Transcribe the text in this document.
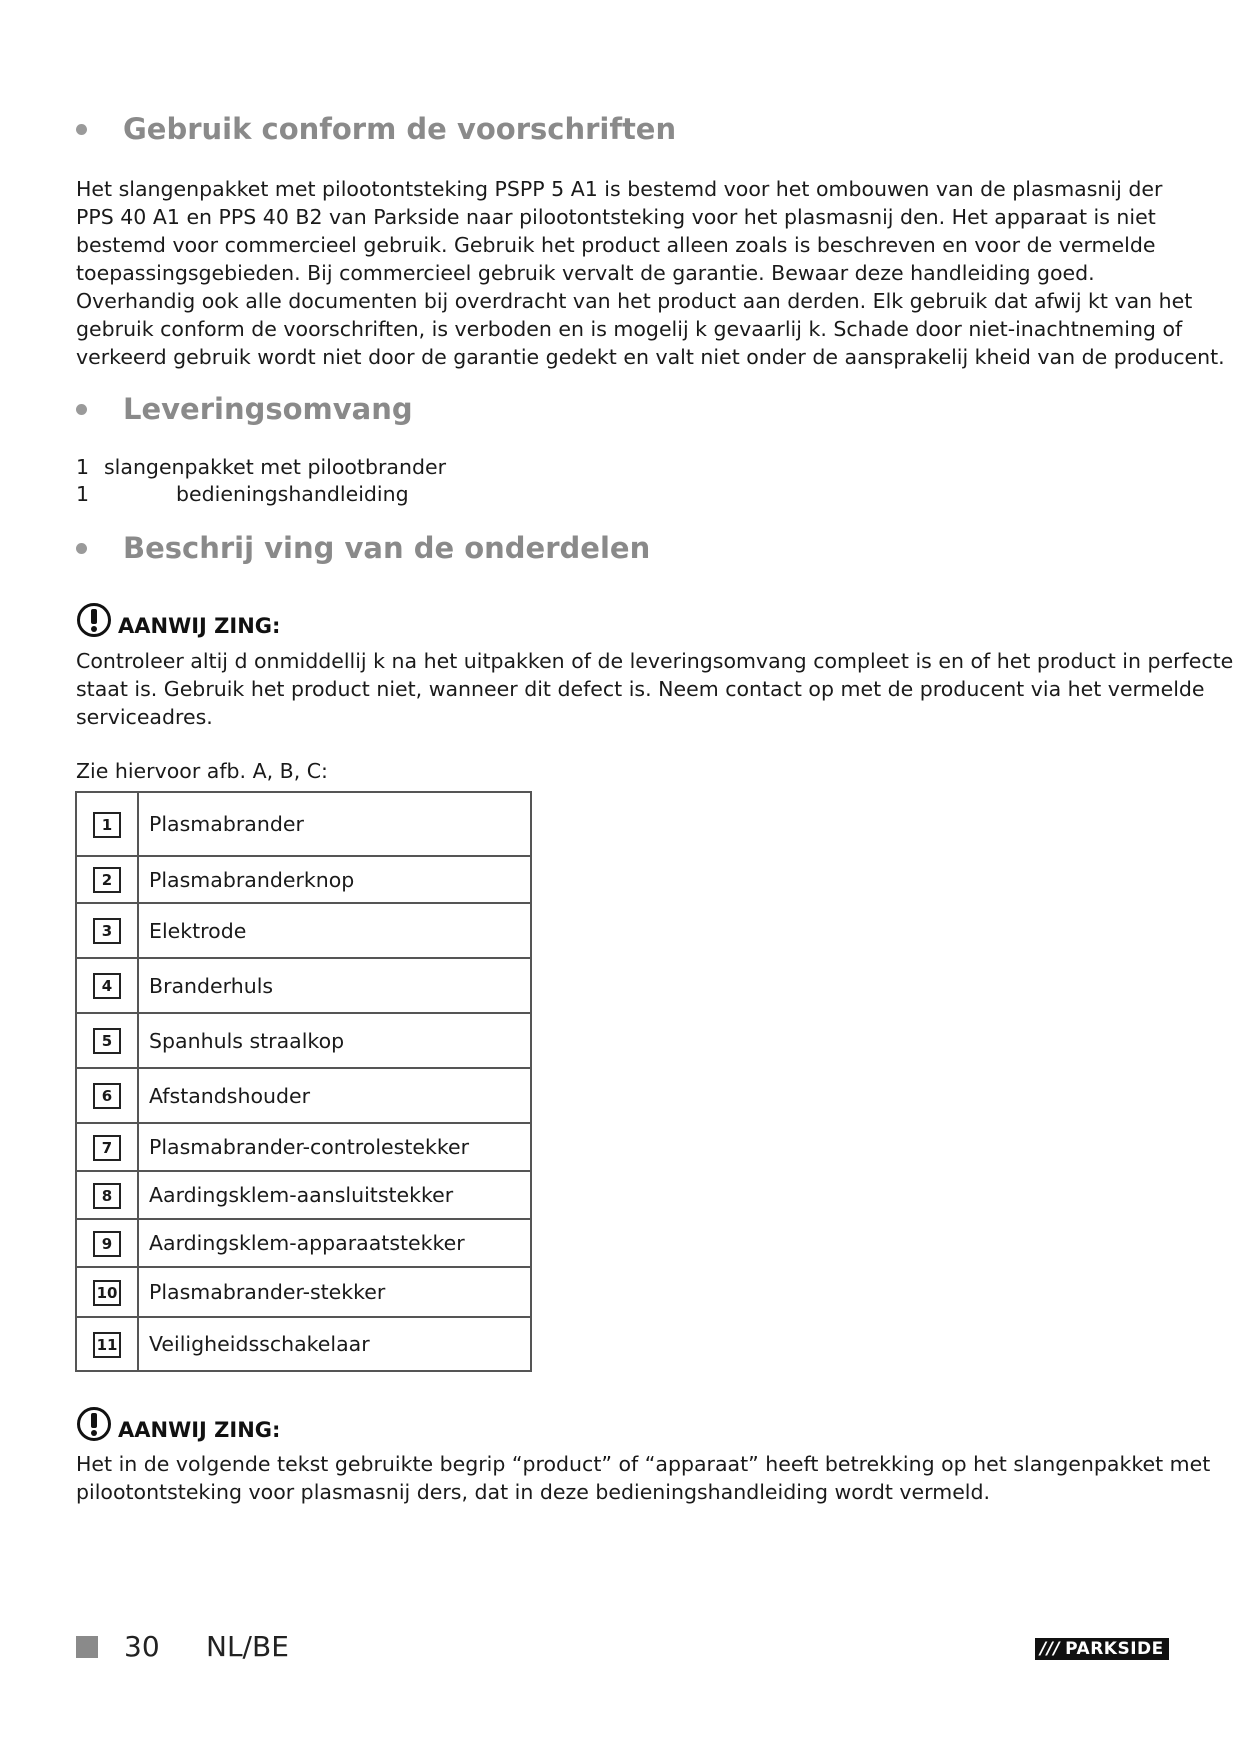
Gebruik conform de voorschriften
Het slangenpakket met pilootontsteking PSPP 5 A1 is bestemd voor het ombouwen van de plasmasnij der
PPS 40 A1 en PPS 40 B2 van Parkside naar pilootontsteking voor het plasmasnij den. Het apparaat is niet
bestemd voor commercieel gebruik. Gebruik het product alleen zoals is beschreven en voor de vermelde
toepassingsgebieden. Bij commercieel gebruik vervalt de garantie. Bewaar deze handleiding goed.
Overhandig ook alle documenten bij overdracht van het product aan derden. Elk gebruik dat afwij kt van het
gebruik conform de voorschriften, is verboden en is mogelij k gevaarlij k. Schade door niet-inachtneming of
verkeerd gebruik wordt niet door de garantie gedekt en valt niet onder de aansprakelij kheid van de producent.
Leveringsomvang
1 slangenpakket met pilootbrander
1	bedieningshandleiding
Beschrij ving van de onderdelen
AANWIJ ZING:
Controleer altij d onmiddellij k na het uitpakken of de leveringsomvang compleet is en of het product in perfecte
staat is. Gebruik het product niet, wanneer dit defect is. Neem contact op met de producent via het vermelde
serviceadres.
Zie hiervoor afb. A, B, C:
1	Plasmabrander
2	Plasmabranderknop
3	Elektrode
4	Branderhuls
5	Spanhuls straalkop
6	Afstandshouder
7	Plasmabrander-controlestekker
8	Aardingsklem-aansluitstekker
9	Aardingsklem-apparaatstekker
10	Plasmabrander-stekker
11	Veiligheidsschakelaar
AANWIJ ZING:
Het in de volgende tekst gebruikte begrip “product” of “apparaat” heeft betrekking op het slangenpakket met
pilootontsteking voor plasmasnij ders, dat in deze bedieningshandleiding wordt vermeld.
30 NL/BE	/// PARKSIDE
